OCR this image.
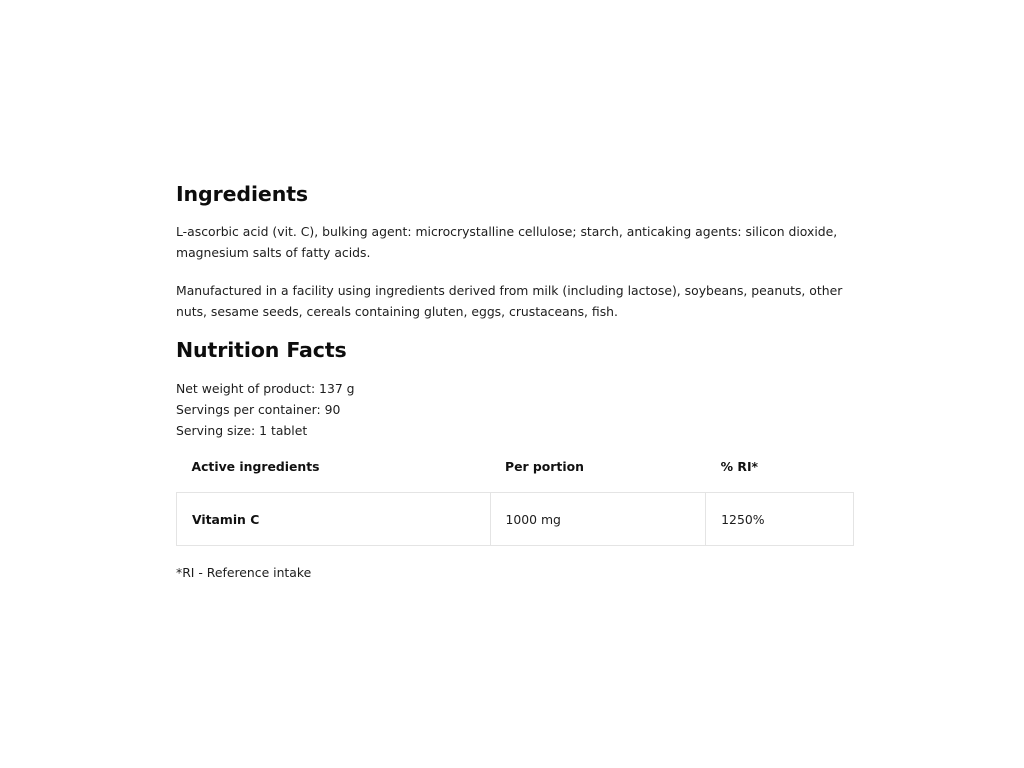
Ingredients

L-ascorbic acid (vit. C), bulking agent: microcrystalline cellulose; starch, anticaking agents: silicon dioxide, magnesium salts of fatty acids.

Manufactured in a facility using ingredients derived from milk (including lactose), soybeans, peanuts, other nuts, sesame seeds, cereals containing gluten, eggs, crustaceans, fish.

Nutrition Facts
Net weight of product: 137 g
Servings per container: 90
Serving size: 1 tablet
Active ingredients	Per portion	% RI*
Vitamin C	1000 mg	1250%
*RI - Reference intake
